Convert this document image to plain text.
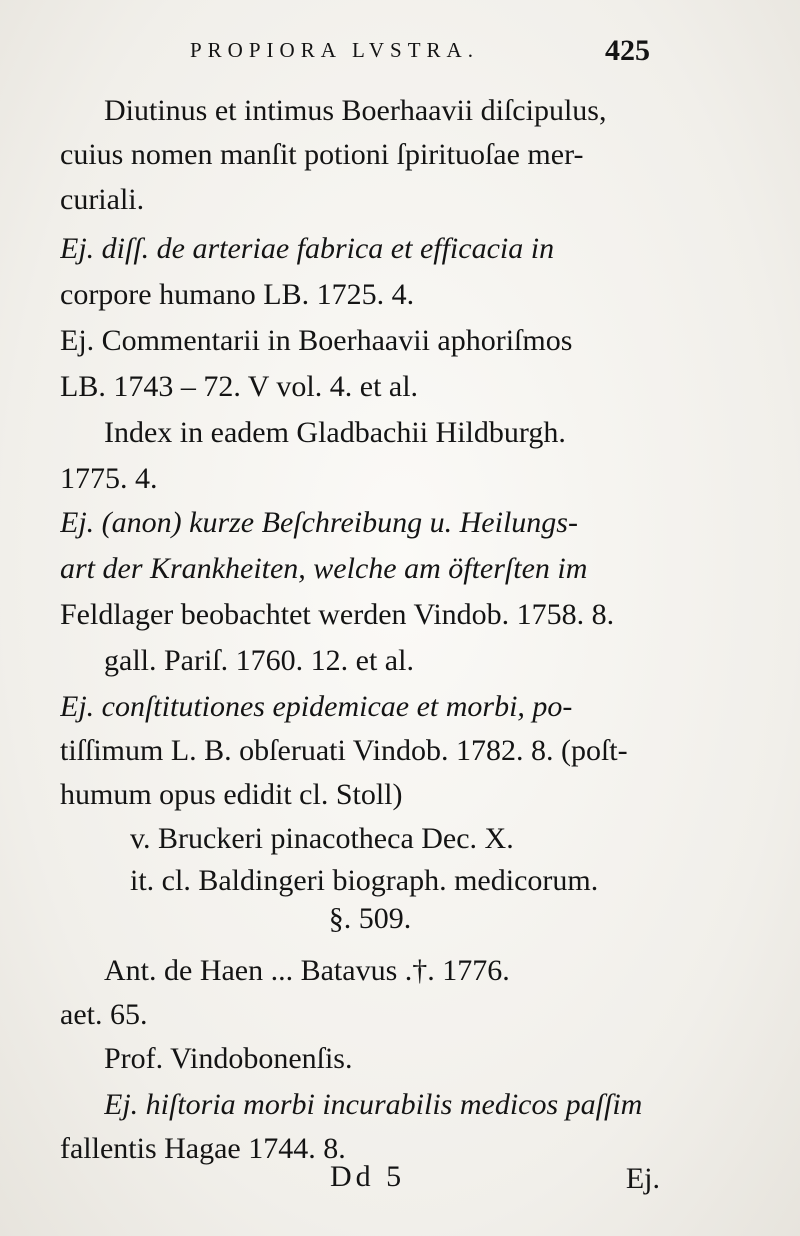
PROPIORA LVSTRA.	425
Diutinus et intimus Boerhaavii diſcipulus,
cuius nomen manſit potioni ſpirituoſae mer-
curiali.
Ej. diſſ. de arteriae fabrica et efficacia in
corpore humano LB. 1725. 4.
Ej. Commentarii in Boerhaavii aphoriſmos
LB. 1743 – 72. V vol. 4. et al.
Index in eadem Gladbachii Hildburgh.
1775. 4.
Ej. (anon) kurze Beſchreibung u. Heilungs-
art der Krankheiten, welche am öfterſten im
Feldlager beobachtet werden Vindob. 1758. 8.
gall. Pariſ. 1760. 12. et al.
Ej. conſtitutiones epidemicae et morbi, po-
tiſſimum L. B. obſeruati Vindob. 1782. 8. (poſt-
humum opus edidit cl. Stoll)
v. Bruckeri pinacotheca Dec. X.
it. cl. Baldingeri biograph. medicorum.
§. 509.
Ant. de Haen ... Batavus .†. 1776.
aet. 65.
Prof. Vindobonenſis.
Ej. hiſtoria morbi incurabilis medicos paſſim
fallentis Hagae 1744. 8.
Dd 5	Ej.
